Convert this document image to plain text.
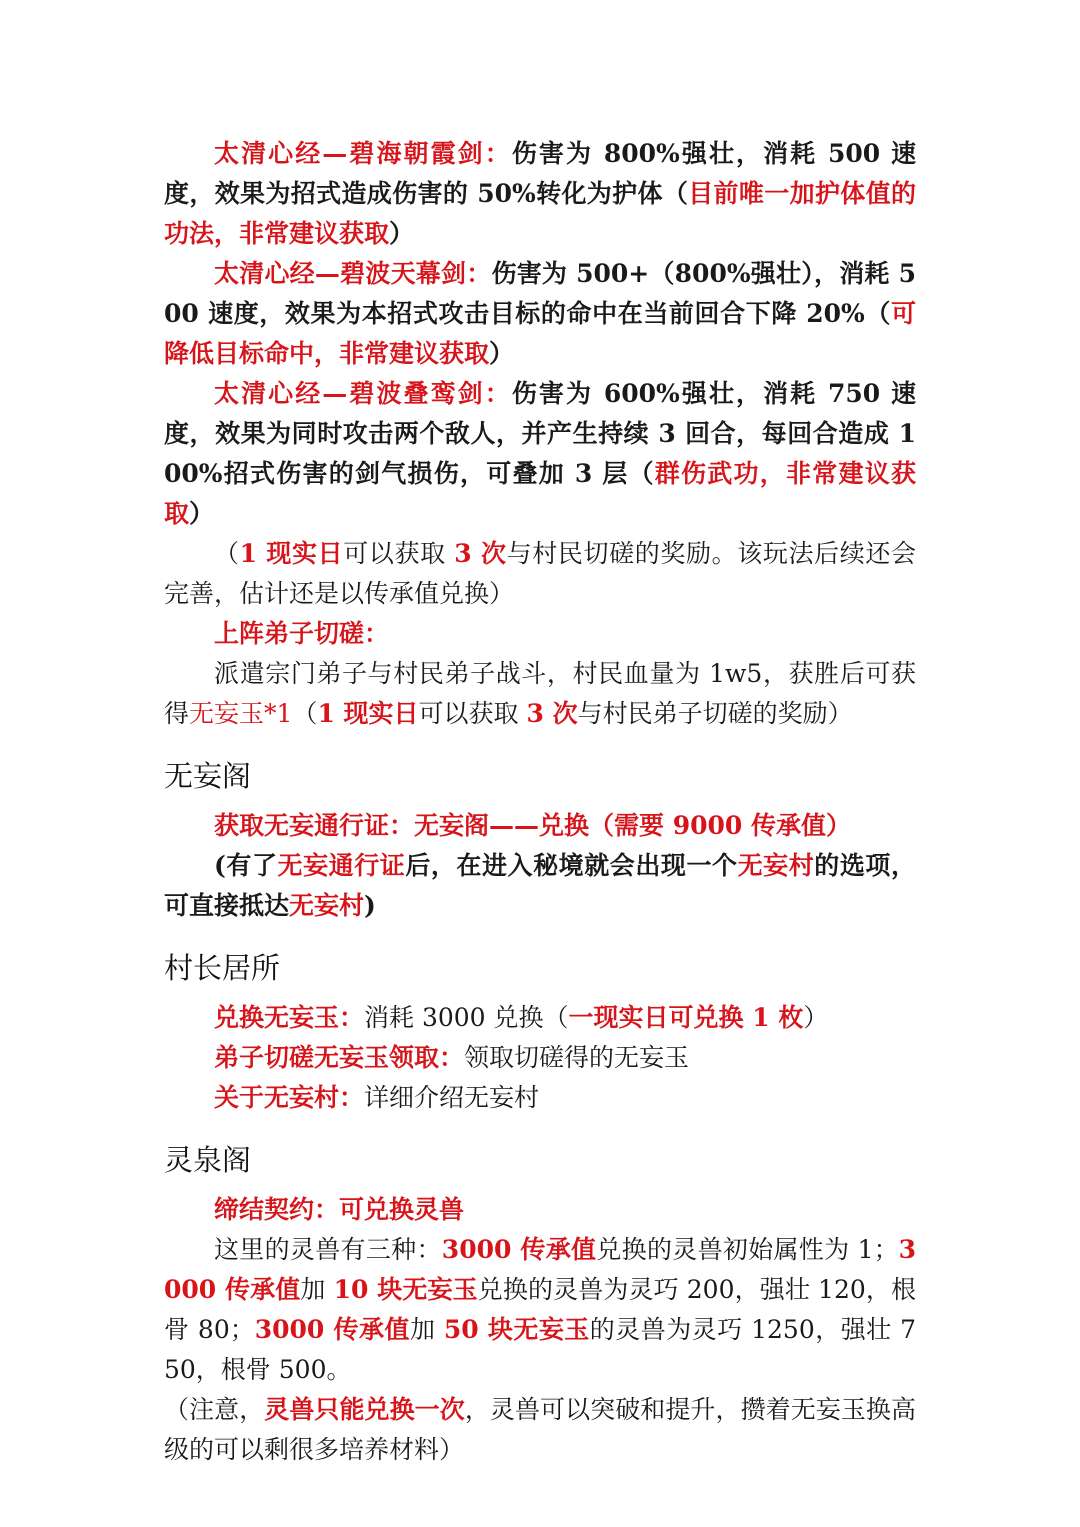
太清心经—碧海朝霞剑：伤害为 800%强壮，消耗 500 速度，效果为招式造成伤害的 50%转化为护体（目前唯一加护体值的功法，非常建议获取）

太清心经—碧波天幕剑：伤害为 500+（800%强壮），消耗 500 速度，效果为本招式攻击目标的命中在当前回合下降 20%（可降低目标命中，非常建议获取）

太清心经—碧波叠鸾剑：伤害为 600%强壮，消耗 750 速度，效果为同时攻击两个敌人，并产生持续 3 回合，每回合造成 100%招式伤害的剑气损伤，可叠加 3 层（群伤武功，非常建议获取）

（1 现实日可以获取 3 次与村民切磋的奖励。该玩法后续还会完善，估计还是以传承值兑换）

上阵弟子切磋：

派遣宗门弟子与村民弟子战斗，村民血量为 1w5，获胜后可获得无妄玉*1（1 现实日可以获取 3 次与村民弟子切磋的奖励）

无妄阁

获取无妄通行证：无妄阁——兑换（需要 9000 传承值）

(有了无妄通行证后，在进入秘境就会出现一个无妄村的选项，可直接抵达无妄村)

村长居所

兑换无妄玉：消耗 3000 兑换（一现实日可兑换 1 枚）

弟子切磋无妄玉领取：领取切磋得的无妄玉

关于无妄村：详细介绍无妄村

灵泉阁

缔结契约：可兑换灵兽

这里的灵兽有三种：3000 传承值兑换的灵兽初始属性为 1；3000 传承值加 10 块无妄玉兑换的灵兽为灵巧 200，强壮 120，根骨 80；3000 传承值加 50 块无妄玉的灵兽为灵巧 1250，强壮 750，根骨 500。

（注意，灵兽只能兑换一次，灵兽可以突破和提升，攒着无妄玉换高级的可以剩很多培养材料）
